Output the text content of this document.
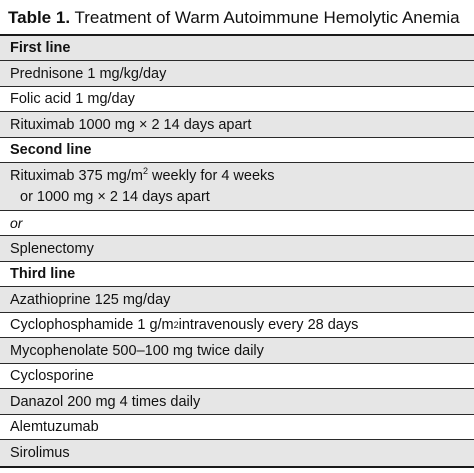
Table 1. Treatment of Warm Autoimmune Hemolytic Anemia
First line
Prednisone 1 mg/kg/day
Folic acid 1 mg/day
Rituximab 1000 mg × 2 14 days apart
Second line
Rituximab 375 $mg/m^2$ weekly for 4 weeks
or 1000 mg × 2 14 days apart
or
Splenectomy
Third line
Azathioprine 125 mg/day
Cyclophosphamide 1 g/m 2 intravenously every 28 days
Mycophenolate 500–100 mg twice daily
Cyclosporine
Danazol 200 mg 4 times daily
Alemtuzumab
Sirolimus
